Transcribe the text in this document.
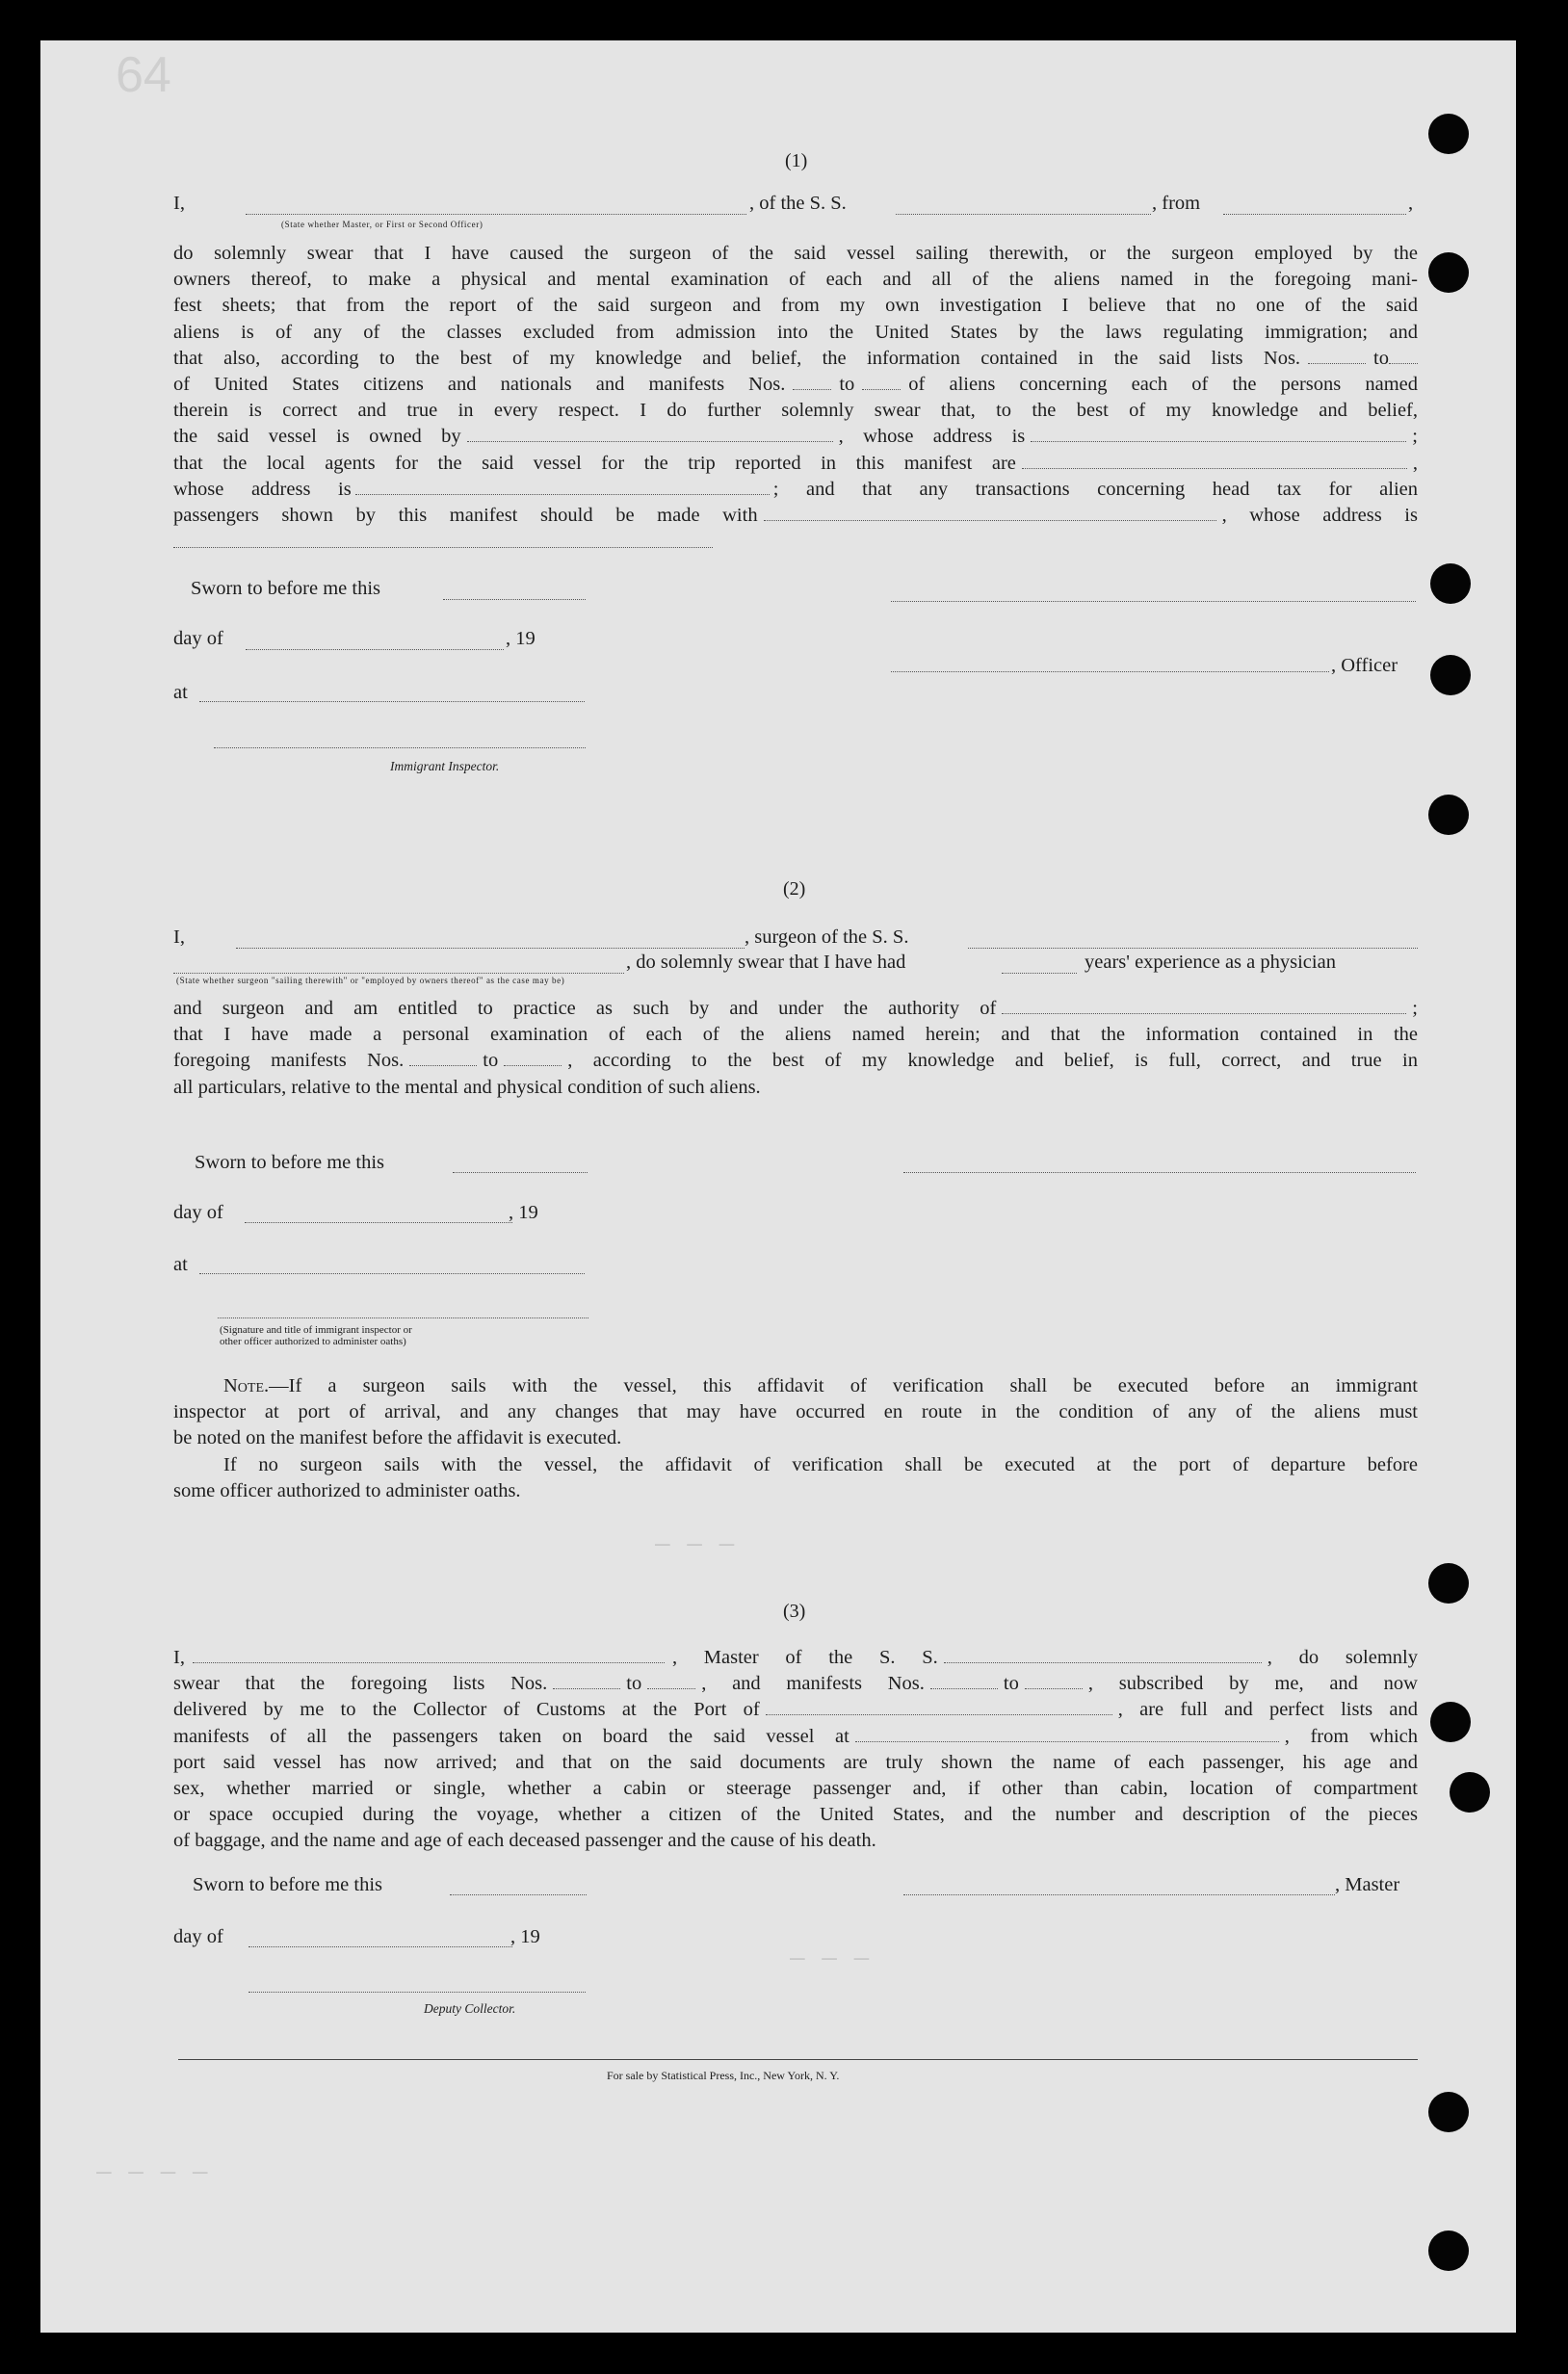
— — —
— — —
— — — —
64
(1)
I,
(State whether Master, or First or Second Officer)
, of the S. S.	, from	,
do solemnly swear that I have caused the surgeon of the said vessel sailing therewith, or the surgeon employed by the
owners thereof, to make a physical and mental examination of each and all of the aliens named in the foregoing mani-
fest sheets; that from the report of the said surgeon and from my own investigation I believe that no one of the said
aliens is of any of the classes excluded from admission into the United States by the laws regulating immigration; and
that also, according to the best of my knowledge and belief, the information contained in the said lists Nos.	to
of United States citizens and nationals and manifests Nos.	to	of aliens concerning each of the persons named
therein is correct and true in every respect. I do further solemnly swear that, to the best of my knowledge and belief,
the said vessel is owned by	, whose address is	;
that the local agents for the said vessel for the trip reported in this manifest are	,
whose address is	; and that any transactions concerning head tax for alien
passengers shown by this manifest should be made with	, whose address is
Sworn to before me this
day of	, 19
, Officer
at
Immigrant Inspector.
(2)
I,	, surgeon of the S. S.
, do solemnly swear that I have had	years' experience as a physician
(State whether surgeon "sailing therewith" or "employed by owners thereof" as the case may be)
and surgeon and am entitled to practice as such by and under the authority of	;
that I have made a personal examination of each of the aliens named herein; and that the information contained in the
foregoing manifests Nos.	to	, according to the best of my knowledge and belief, is full, correct, and true in
all particulars, relative to the mental and physical condition of such aliens.
Sworn to before me this
day of	, 19
at
(Signature and title of immigrant inspector or
other officer authorized to administer oaths)
Note.—If a surgeon sails with the vessel, this affidavit of verification shall be executed before an immigrant
inspector at port of arrival, and any changes that may have occurred en route in the condition of any of the aliens must
be noted on the manifest before the affidavit is executed.
If no surgeon sails with the vessel, the affidavit of verification shall be executed at the port of departure before
some officer authorized to administer oaths.
(3)
I,	, Master of the S. S.	, do solemnly
swear that the foregoing lists Nos.	to	, and manifests Nos.	to	, subscribed by me, and now
delivered by me to the Collector of Customs at the Port of	, are full and perfect lists and
manifests of all the passengers taken on board the said vessel at	, from which
port said vessel has now arrived; and that on the said documents are truly shown the name of each passenger, his age and
sex, whether married or single, whether a cabin or steerage passenger and, if other than cabin, location of compartment
or space occupied during the voyage, whether a citizen of the United States, and the number and description of the pieces
of baggage, and the name and age of each deceased passenger and the cause of his death.
Sworn to before me this	, Master
day of	, 19
Deputy Collector.
For sale by Statistical Press, Inc., New York, N. Y.
